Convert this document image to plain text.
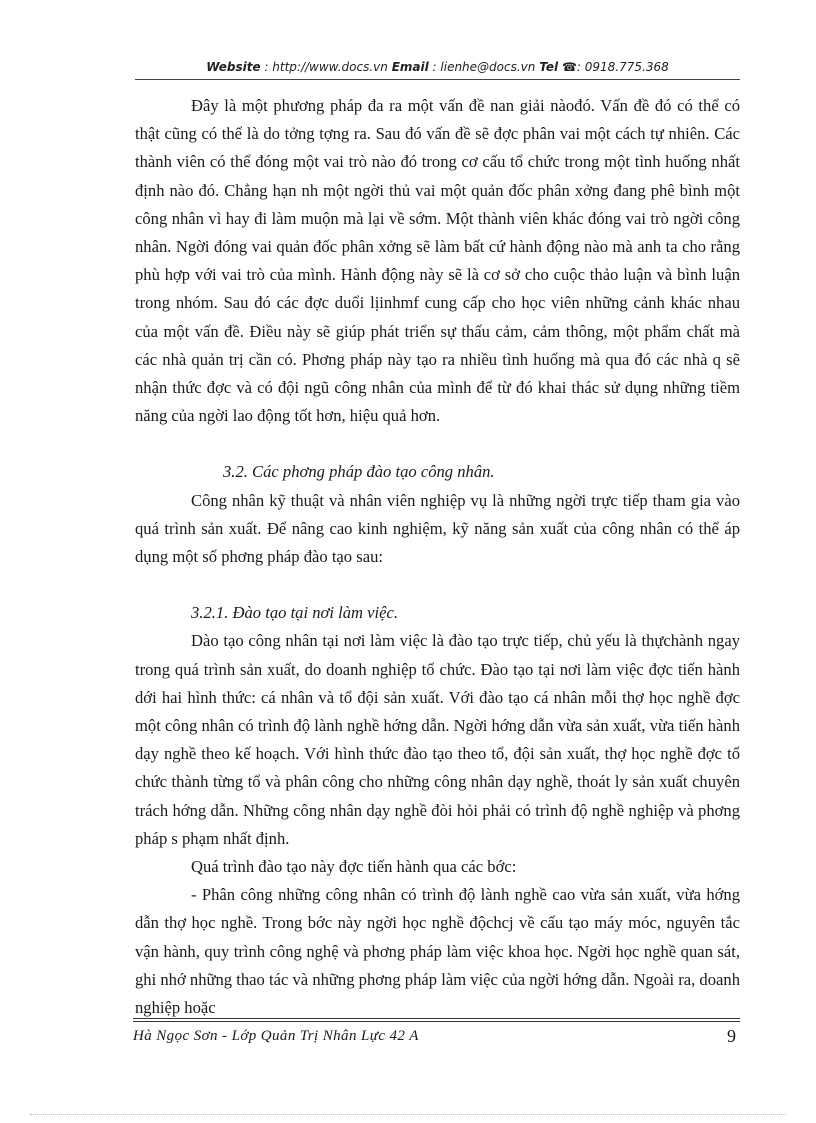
Website : http://www.docs.vn Email : lienhe@docs.vn Tel ☎: 0918.775.368

Đây là một phương pháp đa ra một vấn đề nan giải nàođó. Vấn đề đó có thể có thật cũng có thể là do tởng tợng ra. Sau đó vấn đề sẽ đợc phân vai một cách tự nhiên. Các thành viên có thể đóng một vai trò nào đó trong cơ cấu tổ chức trong một tình huống nhất định nào đó. Chẳng hạn nh một ngời thủ vai một quản đốc phân xởng đang phê bình một công nhân vì hay đi làm muộn mà lại về sớm. Một thành viên khác đóng vai trò ngời công nhân. Ngời đóng vai quản đốc phân xởng sẽ làm bất cứ hành động nào mà anh ta cho rằng phù hợp với vai trò của mình. Hành động này sẽ là cơ sở cho cuộc thảo luận và bình luận trong nhóm. Sau đó các đợc duổi lịinhmf cung cấp cho học viên những cảnh khác nhau của một vấn đề. Điều này sẽ giúp phát triển sự thấu cảm, cảm thông, một phẩm chất mà các nhà quản trị cần có. Phơng pháp này tạo ra nhiều tình huống mà qua đó các nhà q sẽ nhận thức đợc và có đội ngũ công nhân của mình để từ đó khai thác sử dụng những tiềm năng của ngời lao động tốt hơn, hiệu quả hơn.

3.2. Các phơng pháp đào tạo công nhân.

Công nhân kỹ thuật và nhân viên nghiệp vụ là những ngời trực tiếp tham gia vào quá trình sản xuất. Để nâng cao kinh nghiệm, kỹ năng sản xuất của công nhân có thể áp dụng một số phơng pháp đào tạo sau:

3.2.1. Đào tạo tại nơi làm việc.

Dào tạo công nhân tại nơi làm việc là đào tạo trực tiếp, chủ yếu là thựchành ngay trong quá trình sản xuất, do doanh nghiệp tổ chức. Đào tạo tại nơi làm việc đợc tiến hành dới hai hình thức: cá nhân và tổ đội sản xuất. Với đào tạo cá nhân mỗi thợ học nghề đợc một công nhân có trình độ lành nghề hớng dẫn. Ngời hớng dẫn vừa sản xuất, vừa tiến hành dạy nghề theo kế hoạch. Với hình thức đào tạo theo tổ, đội sản xuất, thợ học nghề đợc tổ chức thành từng tổ và phân công cho những công nhân dạy nghề, thoát ly sản xuất chuyên trách hớng dẫn. Những công nhân dạy nghề đòi hỏi phải có trình độ nghề nghiệp và phơng pháp s phạm nhất định.

Quá trình đào tạo này đợc tiến hành qua các bớc:

- Phân công những công nhân có trình độ lành nghề cao vừa sản xuất, vừa hớng dẫn thợ học nghề. Trong bớc này ngời học nghề độchcj về cấu tạo máy móc, nguyên tắc vận hành, quy trình công nghệ và phơng pháp làm việc khoa học. Ngời học nghề quan sát, ghi nhớ những thao tác và những phơng pháp làm việc của ngời hớng dẫn. Ngoài ra, doanh nghiệp hoặc

Hà Ngọc Sơn - Lớp Quản Trị Nhân Lực 42 A	9
